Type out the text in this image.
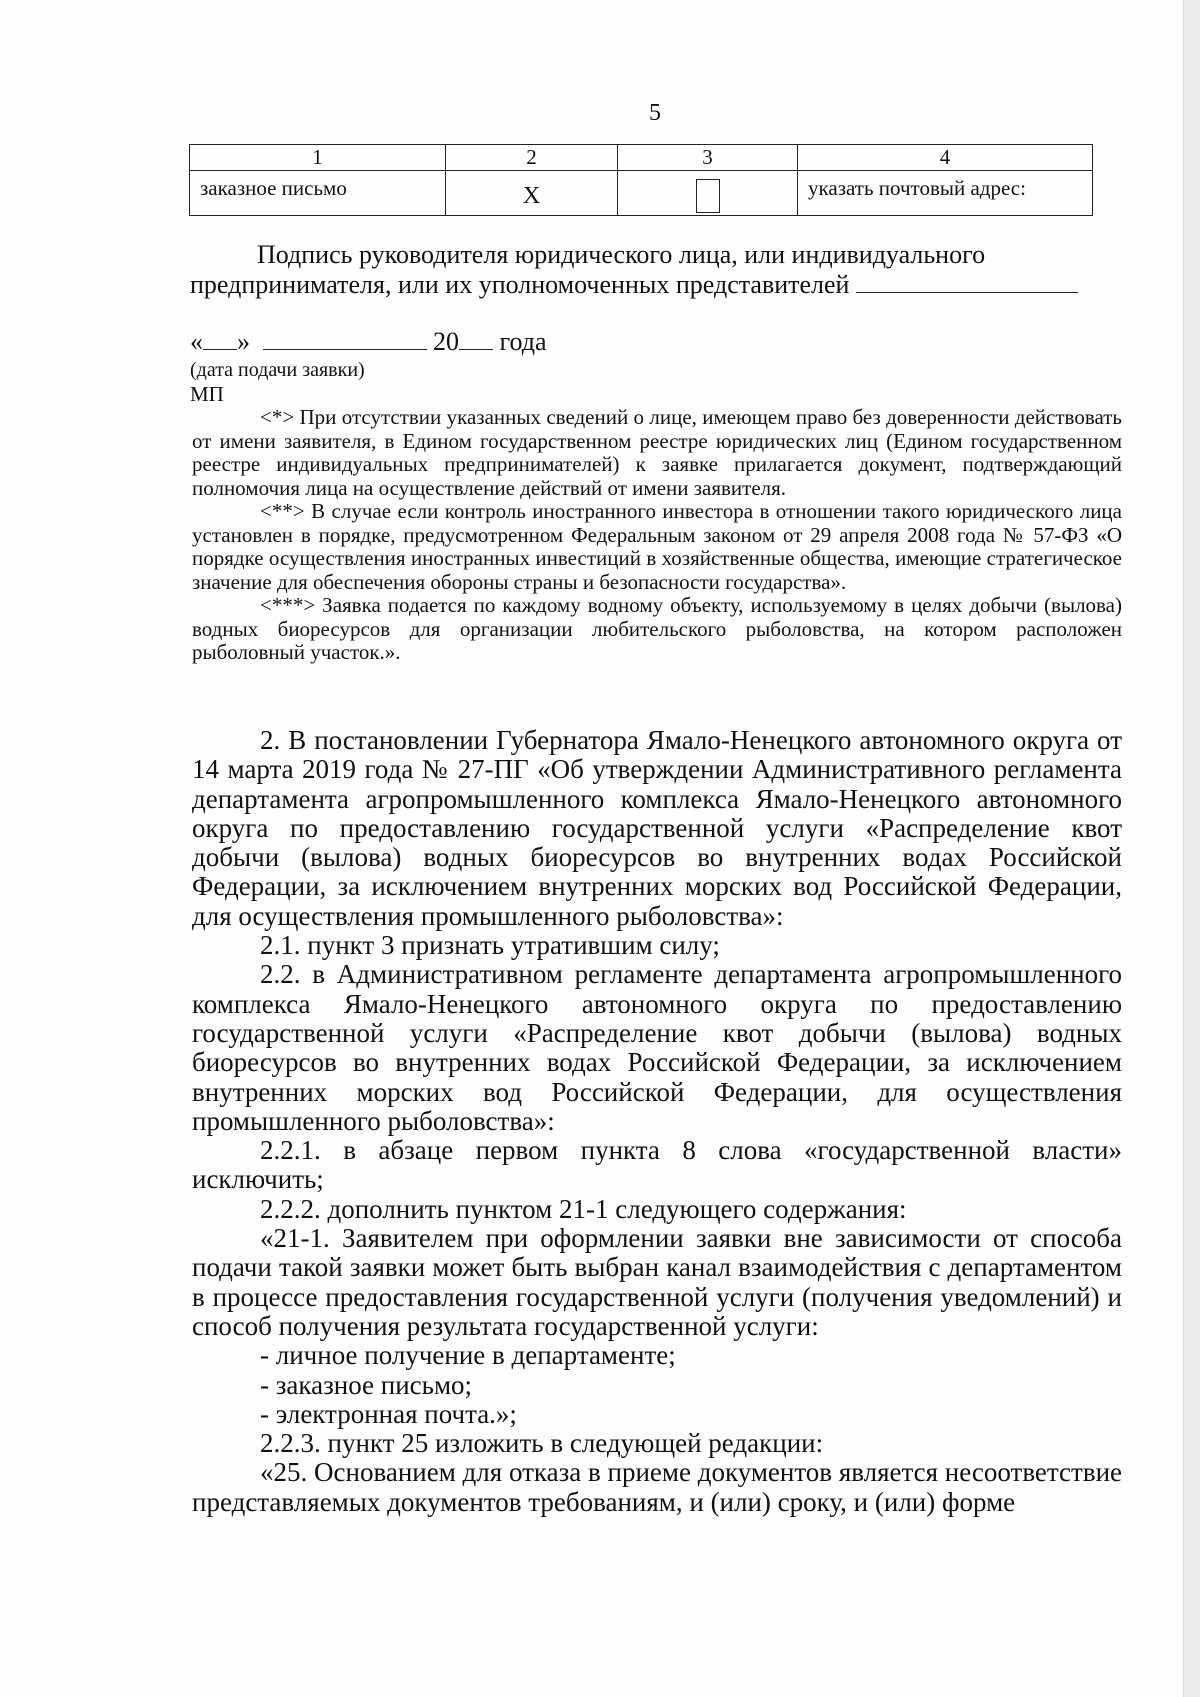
5
1	2	3	4

заказное письмо	Х		указать почтовый адрес:
Подпись руководителя юридического лица, или индивидуального
предпринимателя, или их уполномоченных представителей
« »	20 года
(дата подачи заявки)
МП

<*> При отсутствии указанных сведений о лице, имеющем право без доверенности действовать от имени заявителя, в Едином государственном реестре юридических лиц (Едином государственном реестре индивидуальных предпринимателей) к заявке прилагается документ, подтверждающий полномочия лица на осуществление действий от имени заявителя.

<**> В случае если контроль иностранного инвестора в отношении такого юридического лица установлен в порядке, предусмотренном Федеральным законом от 29 апреля 2008 года № 57-ФЗ «О порядке осуществления иностранных инвестиций в хозяйственные общества, имеющие стратегическое значение для обеспечения обороны страны и безопасности государства».

<***> Заявка подается по каждому водному объекту, используемому в целях добычи (вылова) водных биоресурсов для организации любительского рыболовства, на котором расположен рыболовный участок.».

2. В постановлении Губернатора Ямало-Ненецкого автономного округа от 14 марта 2019 года № 27-ПГ «Об утверждении Административного регламента департамента агропромышленного комплекса Ямало-Ненецкого автономного округа по предоставлению государственной услуги «Распределение квот добычи (вылова) водных биоресурсов во внутренних водах Российской Федерации, за исключением внутренних морских вод Российской Федерации, для осуществления промышленного рыболовства»:

2.1. пункт 3 признать утратившим силу;

2.2. в Административном регламенте департамента агропромышленного комплекса Ямало-Ненецкого автономного округа по предоставлению государственной услуги «Распределение квот добычи (вылова) водных биоресурсов во внутренних водах Российской Федерации, за исключением внутренних морских вод Российской Федерации, для осуществления промышленного рыболовства»:

2.2.1. в абзаце первом пункта 8 слова «государственной власти» исключить;

2.2.2. дополнить пунктом 21-1 следующего содержания:

«21-1. Заявителем при оформлении заявки вне зависимости от способа подачи такой заявки может быть выбран канал взаимодействия с департаментом в процессе предоставления государственной услуги (получения уведомлений) и способ получения результата государственной услуги:

- личное получение в департаменте;

- заказное письмо;

- электронная почта.»;

2.2.3. пункт 25 изложить в следующей редакции:

«25. Основанием для отказа в приеме документов является несоответствие представляемых документов требованиям, и (или) сроку, и (или) форме
